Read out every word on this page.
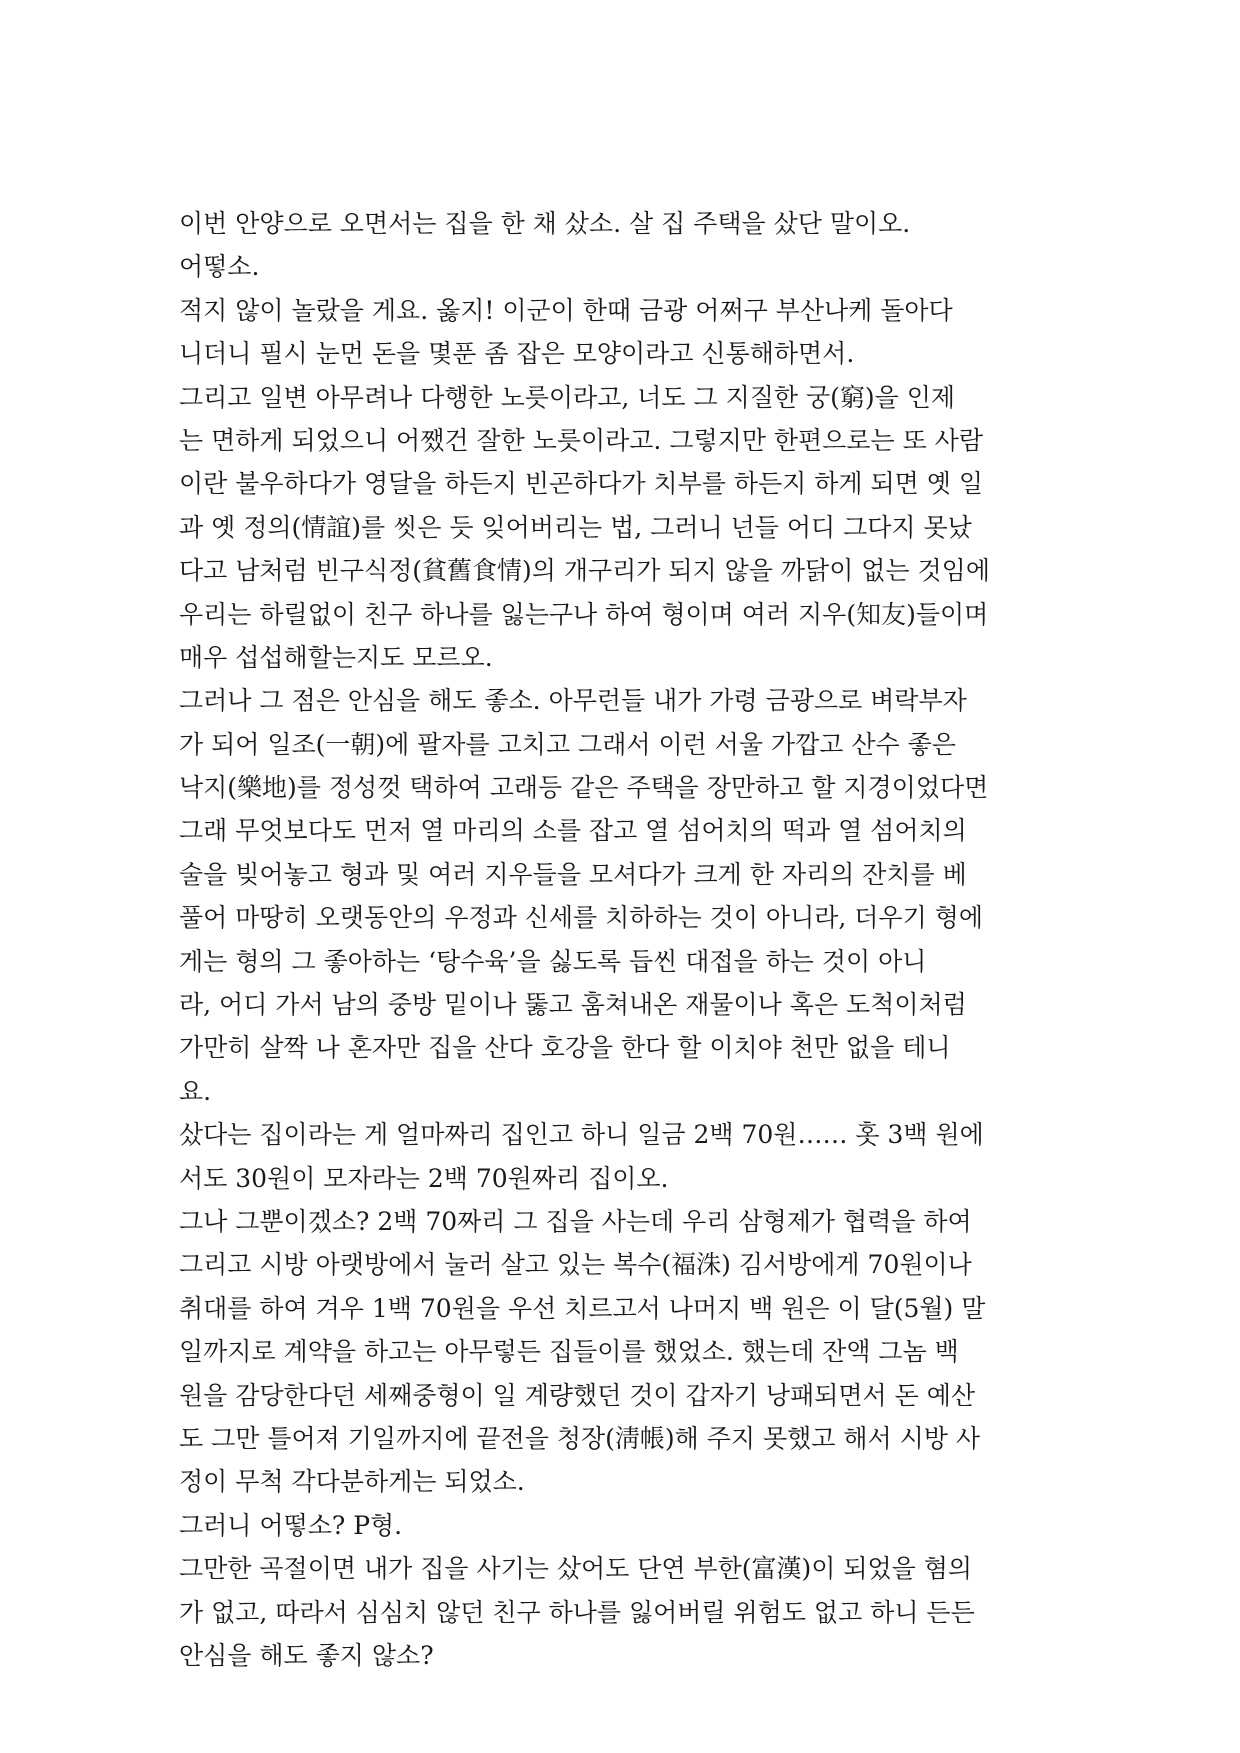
이번 안양으로 오면서는 집을 한 채 샀소. 살 집 주택을 샀단 말이오.
어떻소.
적지 않이 놀랐을 게요. 옳지! 이군이 한때 금광 어쩌구 부산나케 돌아다
니더니 필시 눈먼 돈을 몇푼 좀 잡은 모양이라고 신통해하면서.
그리고 일변 아무려나 다행한 노릇이라고, 너도 그 지질한 궁(窮)을 인제
는 면하게 되었으니 어쨌건 잘한 노릇이라고. 그렇지만 한편으로는 또 사람
이란 불우하다가 영달을 하든지 빈곤하다가 치부를 하든지 하게 되면 옛 일
과 옛 정의(情誼)를 씻은 듯 잊어버리는 법, 그러니 넌들 어디 그다지 못났
다고 남처럼 빈구식정(貧舊食情)의 개구리가 되지 않을 까닭이 없는 것임에
우리는 하릴없이 친구 하나를 잃는구나 하여 형이며 여러 지우(知友)들이며
매우 섭섭해할는지도 모르오.
그러나 그 점은 안심을 해도 좋소. 아무런들 내가 가령 금광으로 벼락부자
가 되어 일조(一朝)에 팔자를 고치고 그래서 이런 서울 가깝고 산수 좋은
낙지(樂地)를 정성껏 택하여 고래등 같은 주택을 장만하고 할 지경이었다면
그래 무엇보다도 먼저 열 마리의 소를 잡고 열 섬어치의 떡과 열 섬어치의
술을 빚어놓고 형과 및 여러 지우들을 모셔다가 크게 한 자리의 잔치를 베
풀어 마땅히 오랫동안의 우정과 신세를 치하하는 것이 아니라, 더우기 형에
게는 형의 그 좋아하는 ‘탕수육’을 싫도록 듭씬 대접을 하는 것이 아니
라, 어디 가서 남의 중방 밑이나 뚫고 훔쳐내온 재물이나 혹은 도척이처럼
가만히 살짝 나 혼자만 집을 산다 호강을 한다 할 이치야 천만 없을 테니
요.
샀다는 집이라는 게 얼마짜리 집인고 하니 일금 2백 70원…… 홋 3백 원에
서도 30원이 모자라는 2백 70원짜리 집이오.
그나 그뿐이겠소? 2백 70짜리 그 집을 사는데 우리 삼형제가 협력을 하여
그리고 시방 아랫방에서 눌러 살고 있는 복수(福洙) 김서방에게 70원이나
취대를 하여 겨우 1백 70원을 우선 치르고서 나머지 백 원은 이 달(5월) 말
일까지로 계약을 하고는 아무렇든 집들이를 했었소. 했는데 잔액 그놈 백
원을 감당한다던 세째중형이 일 계량했던 것이 갑자기 낭패되면서 돈 예산
도 그만 틀어져 기일까지에 끝전을 청장(淸帳)해 주지 못했고 해서 시방 사
정이 무척 각다분하게는 되었소.
그러니 어떻소? P형.
그만한 곡절이면 내가 집을 사기는 샀어도 단연 부한(富漢)이 되었을 혐의
가 없고, 따라서 심심치 않던 친구 하나를 잃어버릴 위험도 없고 하니 든든
안심을 해도 좋지 않소?
